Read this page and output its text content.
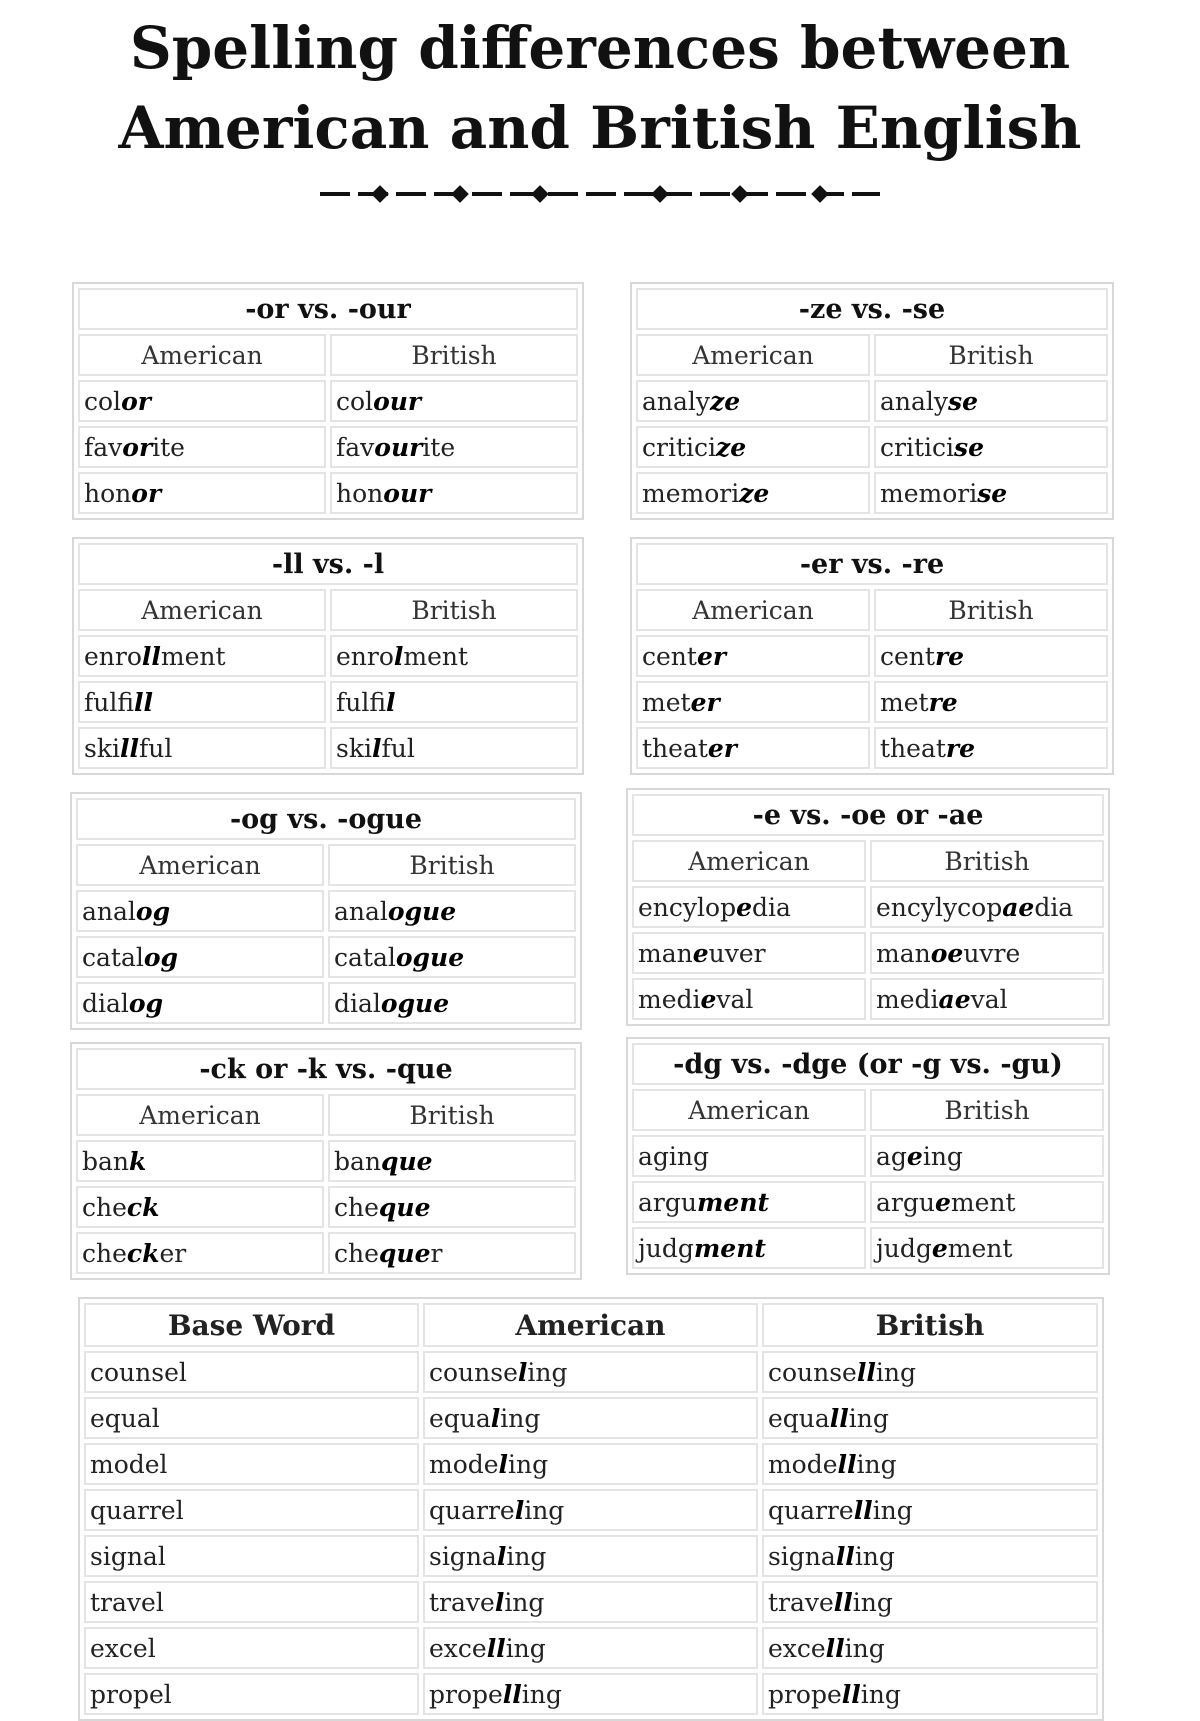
Spelling differences between
American and British English
-or vs. -our	
American	British
color	colour
favorite	favourite
honor	honour
-ze vs. -se	
American	British
analyze	analyse
criticize	criticise
memorize	memorise
-ll vs. -l	
American	British
enrollment	enrolment
fulfill	fulfil
skillful	skilful
-er vs. -re	
American	British
center	centre
meter	metre
theater	theatre
-og vs. -ogue	
American	British
analog	analogue
catalog	catalogue
dialog	dialogue
-e vs. -oe or -ae	
American	British
encylopedia	encylycopaedia
maneuver	manoeuvre
medieval	mediaeval
-ck or -k vs. -que	
American	British
bank	banque
check	cheque
checker	chequer
-dg vs. -dge (or -g vs. -gu)	
American	British
aging	ageing
argument	arguement
judgment	judgement
Base Word	American	British
counsel	counseling	counselling
equal	equaling	equalling
model	modeling	modelling
quarrel	quarreling	quarrelling
signal	signaling	signalling
travel	traveling	travelling
excel	excelling	excelling
propel	propelling	propelling
